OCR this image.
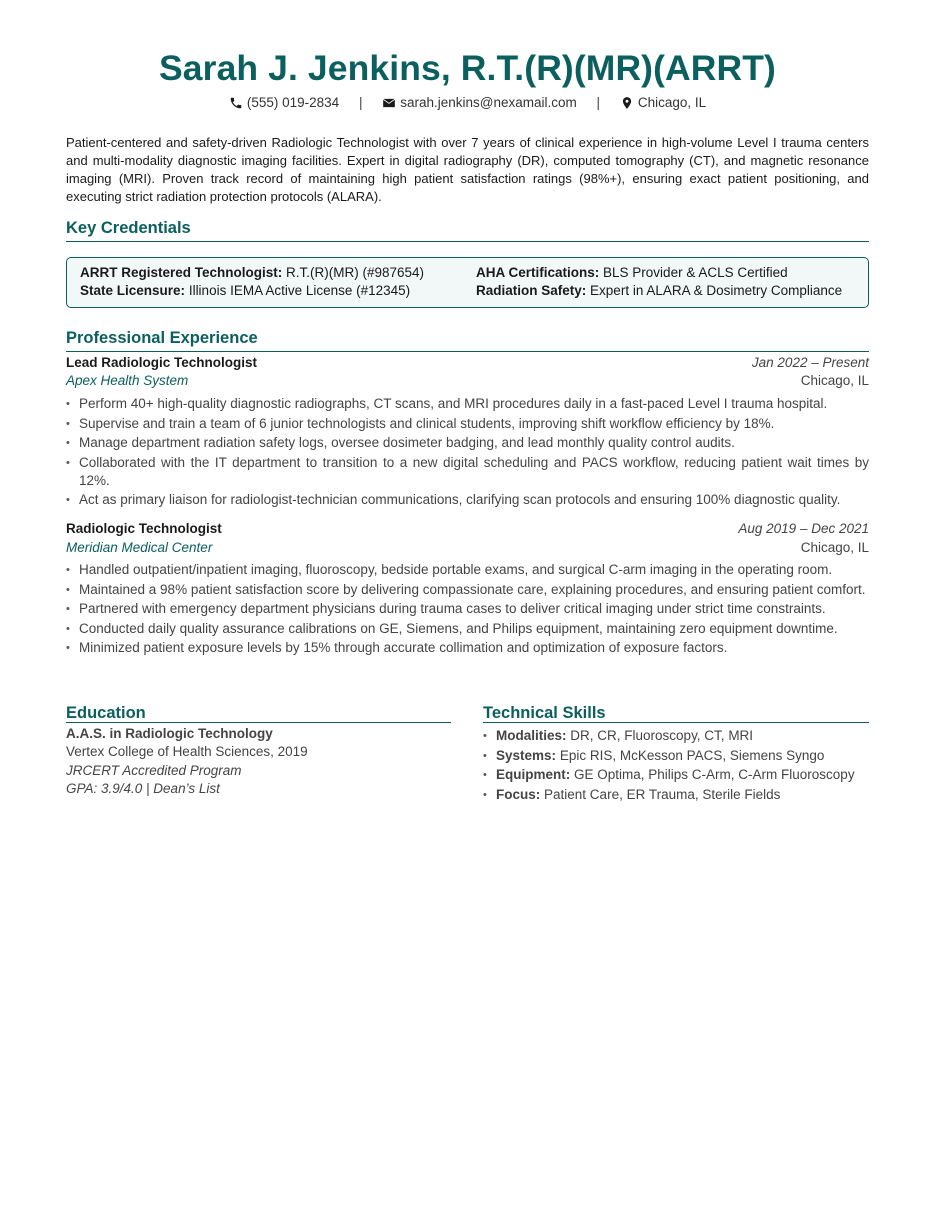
Sarah J. Jenkins, R.T.(R)(MR)(ARRT)
(555) 019-2834 |	sarah.jenkins@nexamail.com |	Chicago, IL

Patient-centered and safety-driven Radiologic Technologist with over 7 years of clinical experience in high-volume Level I trauma centers and multi-modality diagnostic imaging facilities. Expert in digital radiography (DR), computed tomography (CT), and magnetic resonance imaging (MRI). Proven track record of maintaining high patient satisfaction ratings (98%+), ensuring exact patient positioning, and executing strict radiation protection protocols (ALARA).

Key Credentials
ARRT Registered Technologist: R.T.(R)(MR) (#987654)	AHA Certifications: BLS Provider & ACLS Certified
State Licensure: Illinois IEMA Active License (#12345)	Radiation Safety: Expert in ALARA & Dosimetry Compliance
Professional Experience
Lead Radiologic Technologist	Jan 2022 – Present
Apex Health System	Chicago, IL
• Perform 40+ high-quality diagnostic radiographs, CT scans, and MRI procedures daily in a fast-paced Level I trauma hospital.
• Supervise and train a team of 6 junior technologists and clinical students, improving shift workflow efficiency by 18%.
• Manage department radiation safety logs, oversee dosimeter badging, and lead monthly quality control audits.
• Collaborated with the IT department to transition to a new digital scheduling and PACS workflow, reducing patient wait times by 12%.
• Act as primary liaison for radiologist-technician communications, clarifying scan protocols and ensuring 100% diagnostic quality.
Radiologic Technologist	Aug 2019 – Dec 2021
Meridian Medical Center	Chicago, IL
• Handled outpatient/inpatient imaging, fluoroscopy, bedside portable exams, and surgical C-arm imaging in the operating room.
• Maintained a 98% patient satisfaction score by delivering compassionate care, explaining procedures, and ensuring patient comfort.
• Partnered with emergency department physicians during trauma cases to deliver critical imaging under strict time constraints.
• Conducted daily quality assurance calibrations on GE, Siemens, and Philips equipment, maintaining zero equipment downtime.
• Minimized patient exposure levels by 15% through accurate collimation and optimization of exposure factors.
Education
A.A.S. in Radiologic Technology
Vertex College of Health Sciences, 2019
JRCERT Accredited Program
GPA: 3.9/4.0 | Dean’s List
Technical Skills
• Modalities: DR, CR, Fluoroscopy, CT, MRI
• Systems: Epic RIS, McKesson PACS, Siemens Syngo
• Equipment: GE Optima, Philips C-Arm, C-Arm Fluoroscopy
• Focus: Patient Care, ER Trauma, Sterile Fields
